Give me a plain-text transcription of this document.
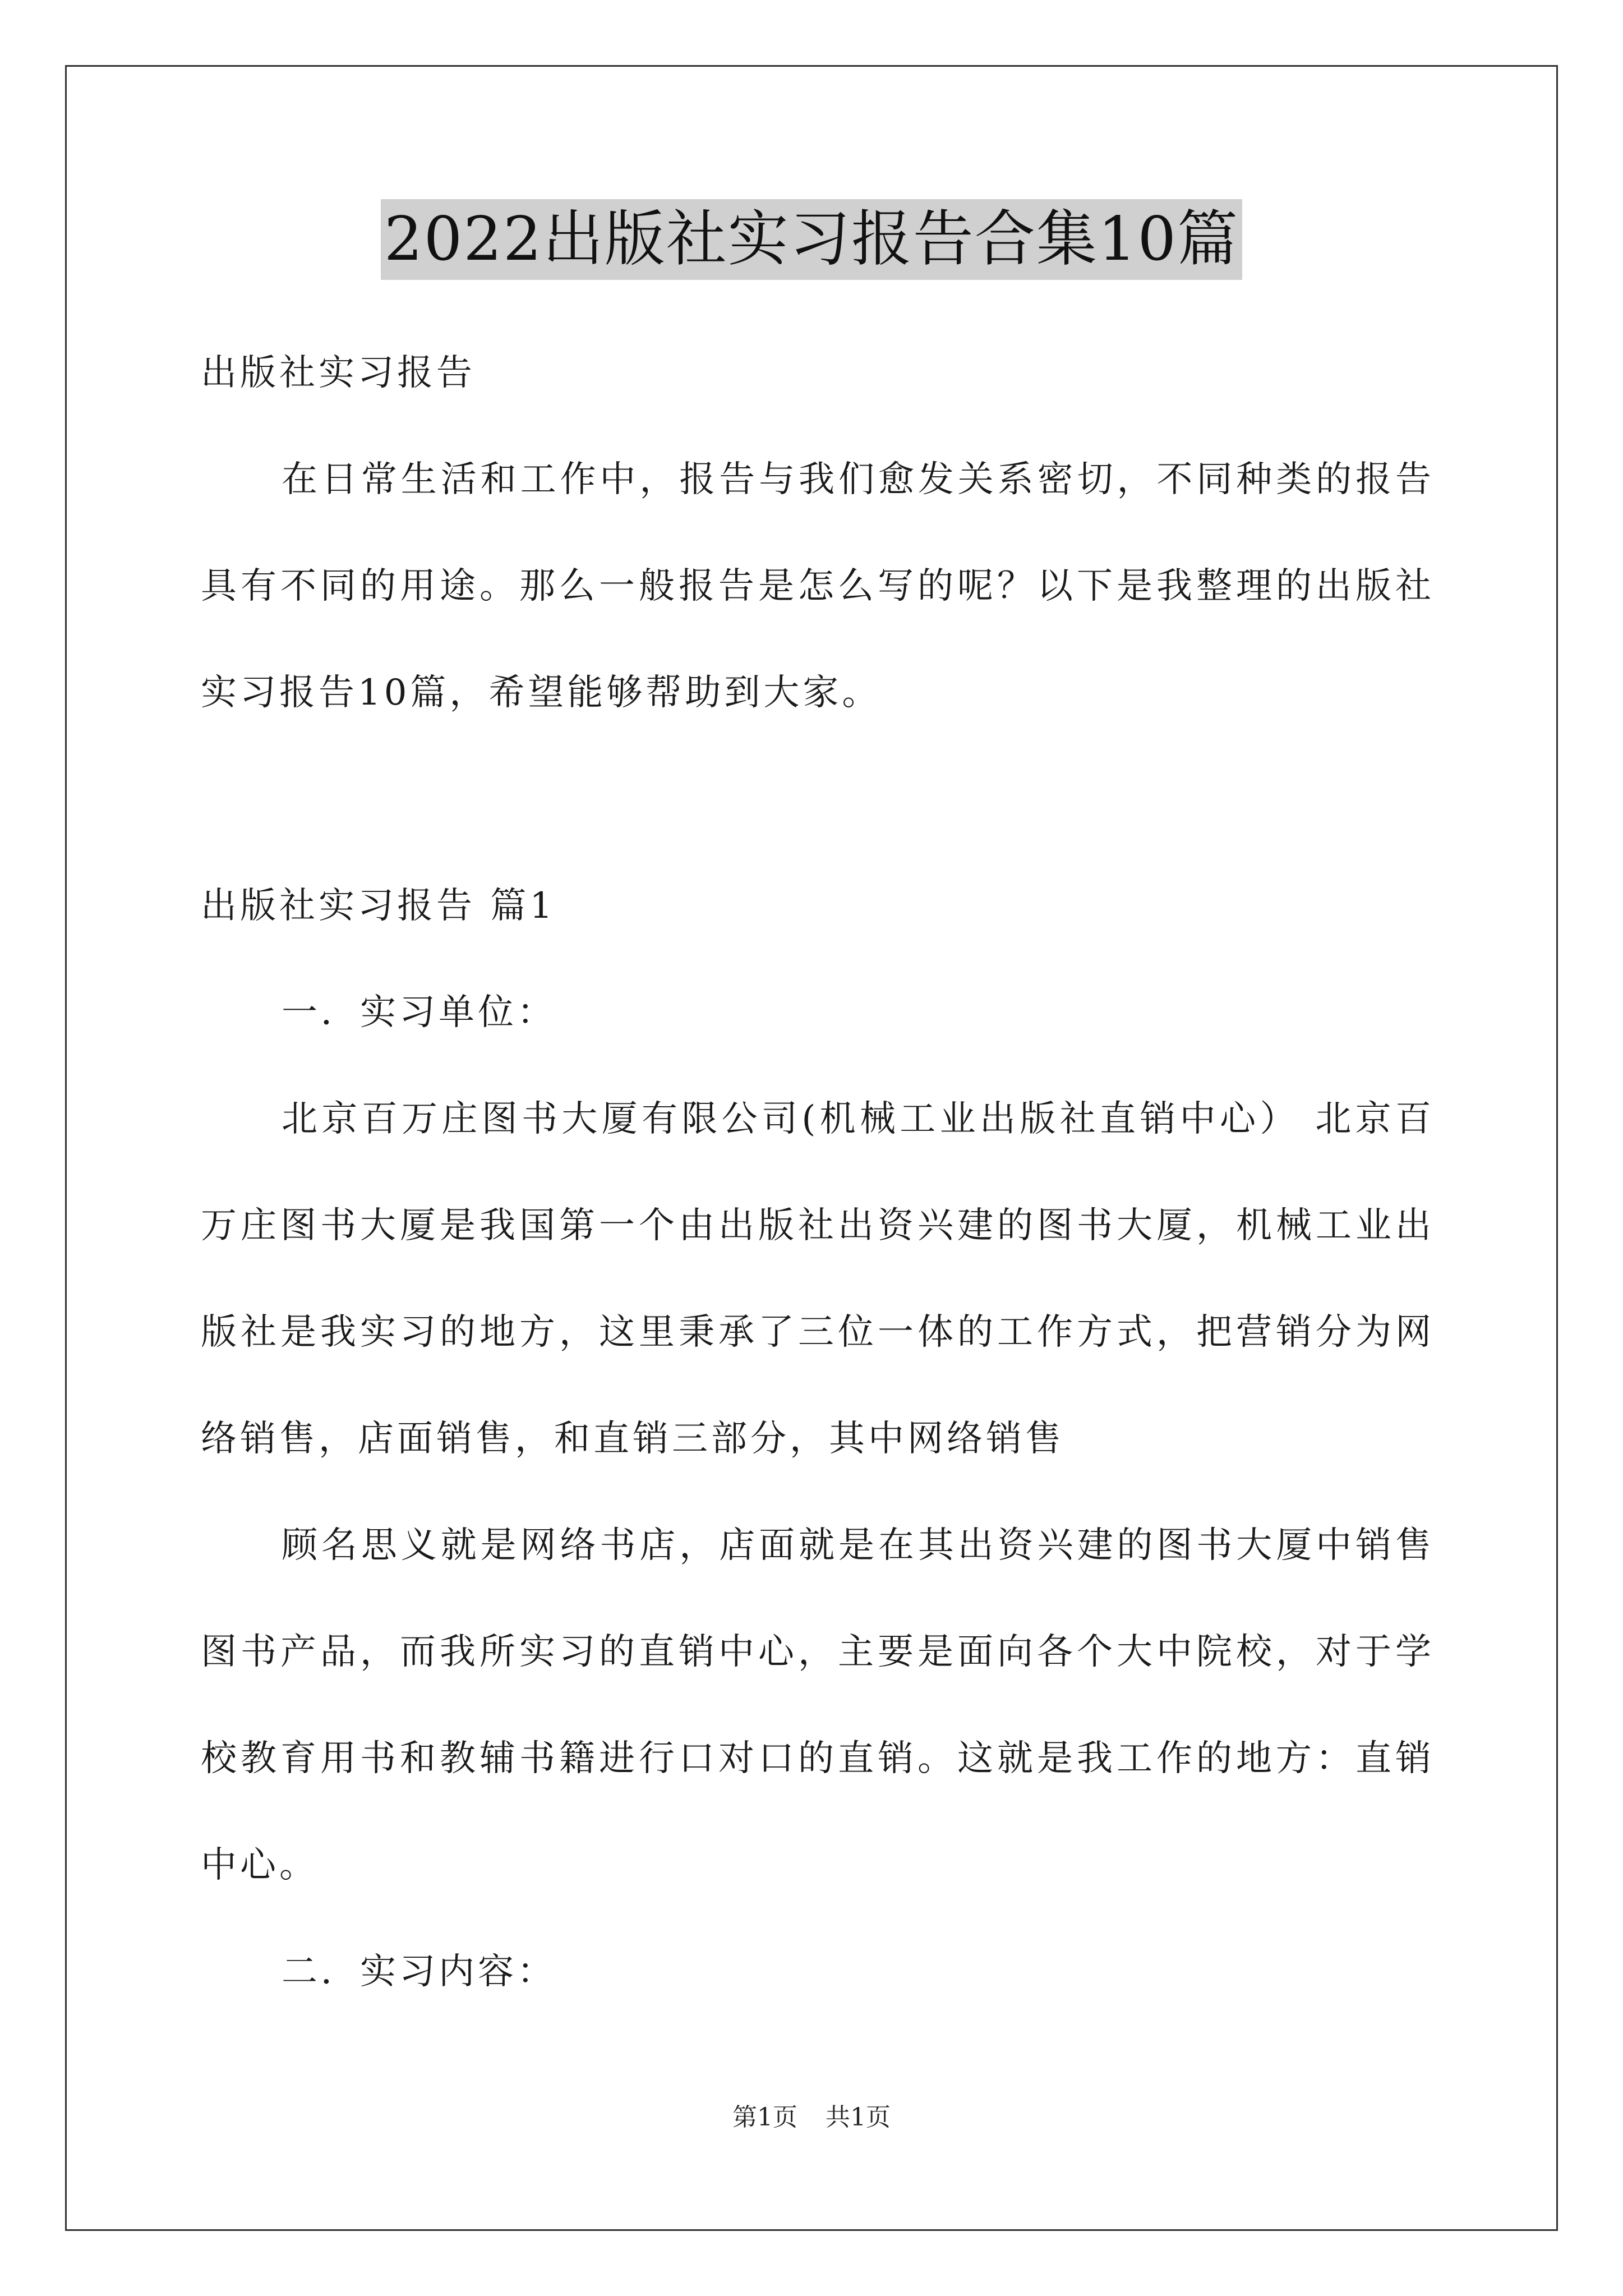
2022出版社实习报告合集10篇

出版社实习报告

在日常生活和工作中，报告与我们愈发关系密切，不同种类的报告具有不同的用途。那么一般报告是怎么写的呢？以下是我整理的出版社实习报告10篇，希望能够帮助到大家。

出版社实习报告 篇1

一．实习单位：

北京百万庄图书大厦有限公司(机械工业出版社直销中心） 北京百万庄图书大厦是我国第一个由出版社出资兴建的图书大厦，机械工业出版社是我实习的地方，这里秉承了三位一体的工作方式，把营销分为网络销售，店面销售，和直销三部分，其中网络销售

顾名思义就是网络书店，店面就是在其出资兴建的图书大厦中销售图书产品，而我所实习的直销中心，主要是面向各个大中院校，对于学校教育用书和教辅书籍进行口对口的直销。这就是我工作的地方：直销中心。

二．实习内容：

第1页 共1页
